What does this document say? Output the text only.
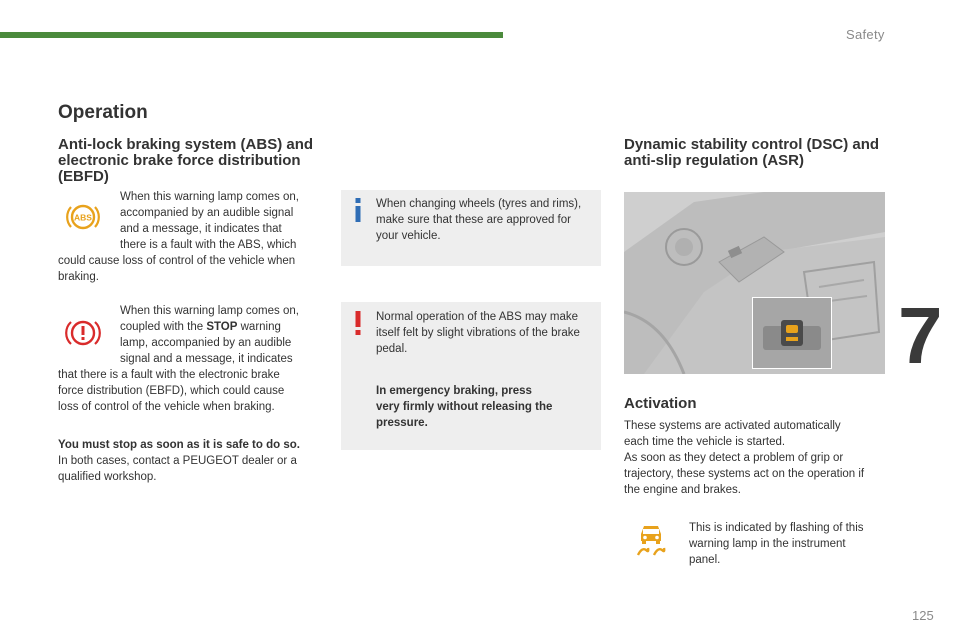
Safety
7
Operation
Anti-lock braking system (ABS) and electronic brake force distribution (EBFD)
ABS
When this warning lamp comes on,
accompanied by an audible signal
and a message, it indicates that
there is a fault with the ABS, which
could cause loss of control of the vehicle when
braking.
When this warning lamp comes on,
coupled with the STOP warning
lamp, accompanied by an audible
signal and a message, it indicates
that there is a fault with the electronic brake
force distribution (EBFD), which could cause
loss of control of the vehicle when braking.
You must stop as soon as it is safe to do so.
In both cases, contact a PEUGEOT dealer or a
qualified workshop.
When changing wheels (tyres and rims),
make sure that these are approved for
your vehicle.
Normal operation of the ABS may make
itself felt by slight vibrations of the brake
pedal.
In emergency braking, press
very firmly without releasing the
pressure.
Dynamic stability control (DSC) and anti-slip regulation (ASR)
Activation
These systems are activated automatically
each time the vehicle is started.
As soon as they detect a problem of grip or
trajectory, these systems act on the operation if
the engine and brakes.
This is indicated by flashing of this
warning lamp in the instrument
panel.
125
